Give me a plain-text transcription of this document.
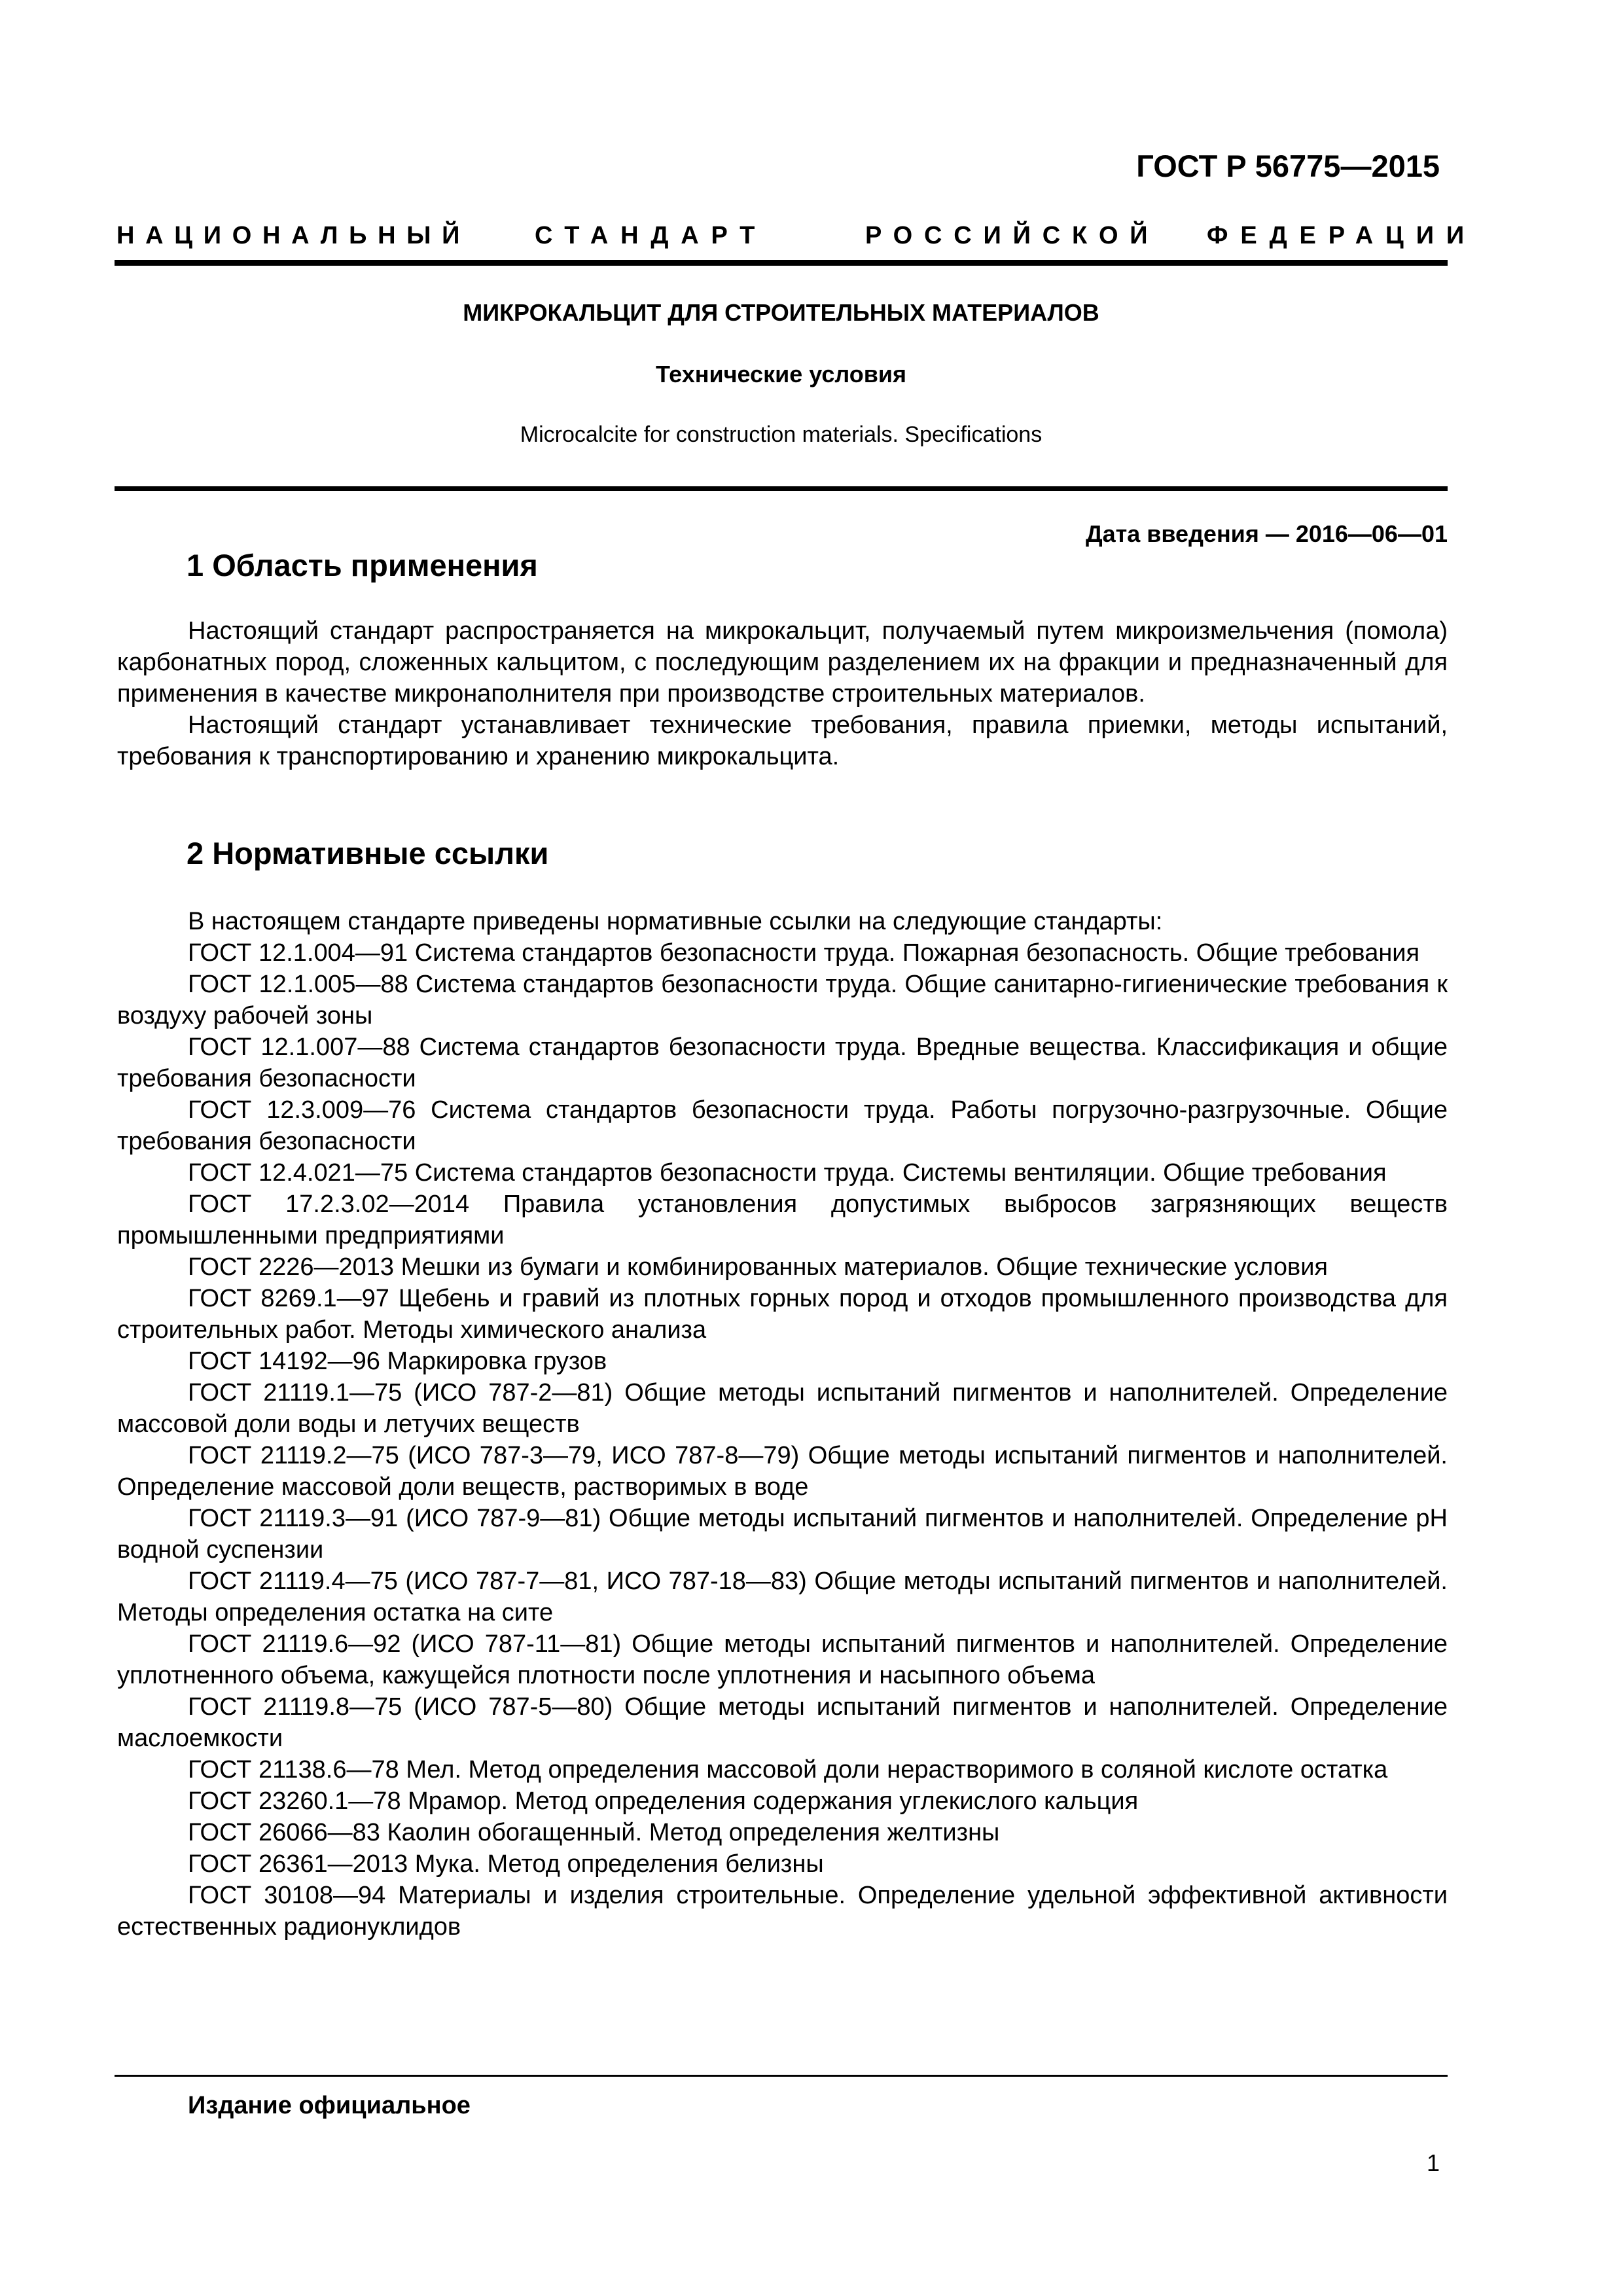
ГОСТ Р 56775—2015
НАЦИОНАЛЬНЫЙ	СТАНДАРТ	РОССИЙСКОЙ ФЕДЕРАЦИИ
МИКРОКАЛЬЦИТ ДЛЯ СТРОИТЕЛЬНЫХ МАТЕРИАЛОВ
Технические условия
Microcalcite for construction materials. Specifications
Дата введения — 2016—06—01
1 Область применения

Настоящий стандарт распространяется на микрокальцит, получаемый путем микроизмельчения (помола) карбонатных пород, сложенных кальцитом, с последующим разделением их на фракции и предназначенный для применения в качестве микронаполнителя при производстве строительных материалов.

Настоящий стандарт устанавливает технические требования, правила приемки, методы испытаний, требования к транспортированию и хранению микрокальцита.

2 Нормативные ссылки

В настоящем стандарте приведены нормативные ссылки на следующие стандарты:

ГОСТ 12.1.004—91 Система стандартов безопасности труда. Пожарная безопасность. Общие требования

ГОСТ 12.1.005—88 Система стандартов безопасности труда. Общие санитарно-гигиенические требования к воздуху рабочей зоны

ГОСТ 12.1.007—88 Система стандартов безопасности труда. Вредные вещества. Классификация и общие требования безопасности

ГОСТ 12.3.009—76 Система стандартов безопасности труда. Работы погрузочно-разгрузочные. Общие требования безопасности

ГОСТ 12.4.021—75 Система стандартов безопасности труда. Системы вентиляции. Общие требования

ГОСТ 17.2.3.02—2014 Правила установления допустимых выбросов загрязняющих веществ промышленными предприятиями

ГОСТ 2226—2013 Мешки из бумаги и комбинированных материалов. Общие технические условия

ГОСТ 8269.1—97 Щебень и гравий из плотных горных пород и отходов промышленного производства для строительных работ. Методы химического анализа

ГОСТ 14192—96 Маркировка грузов

ГОСТ 21119.1—75 (ИСО 787-2—81) Общие методы испытаний пигментов и наполнителей. Определение массовой доли воды и летучих веществ

ГОСТ 21119.2—75 (ИСО 787-3—79, ИСО 787-8—79) Общие методы испытаний пигментов и наполнителей. Определение массовой доли веществ, растворимых в воде

ГОСТ 21119.3—91 (ИСО 787-9—81) Общие методы испытаний пигментов и наполнителей. Определение pH водной суспензии

ГОСТ 21119.4—75 (ИСО 787-7—81, ИСО 787-18—83) Общие методы испытаний пигментов и наполнителей. Методы определения остатка на сите

ГОСТ 21119.6—92 (ИСО 787-11—81) Общие методы испытаний пигментов и наполнителей. Определение уплотненного объема, кажущейся плотности после уплотнения и насыпного объема

ГОСТ 21119.8—75 (ИСО 787-5—80) Общие методы испытаний пигментов и наполнителей. Определение маслоемкости

ГОСТ 21138.6—78 Мел. Метод определения массовой доли нерастворимого в соляной кислоте остатка

ГОСТ 23260.1—78 Мрамор. Метод определения содержания углекислого кальция

ГОСТ 26066—83 Каолин обогащенный. Метод определения желтизны

ГОСТ 26361—2013 Мука. Метод определения белизны

ГОСТ 30108—94 Материалы и изделия строительные. Определение удельной эффективной активности естественных радионуклидов

Издание официальное
1
